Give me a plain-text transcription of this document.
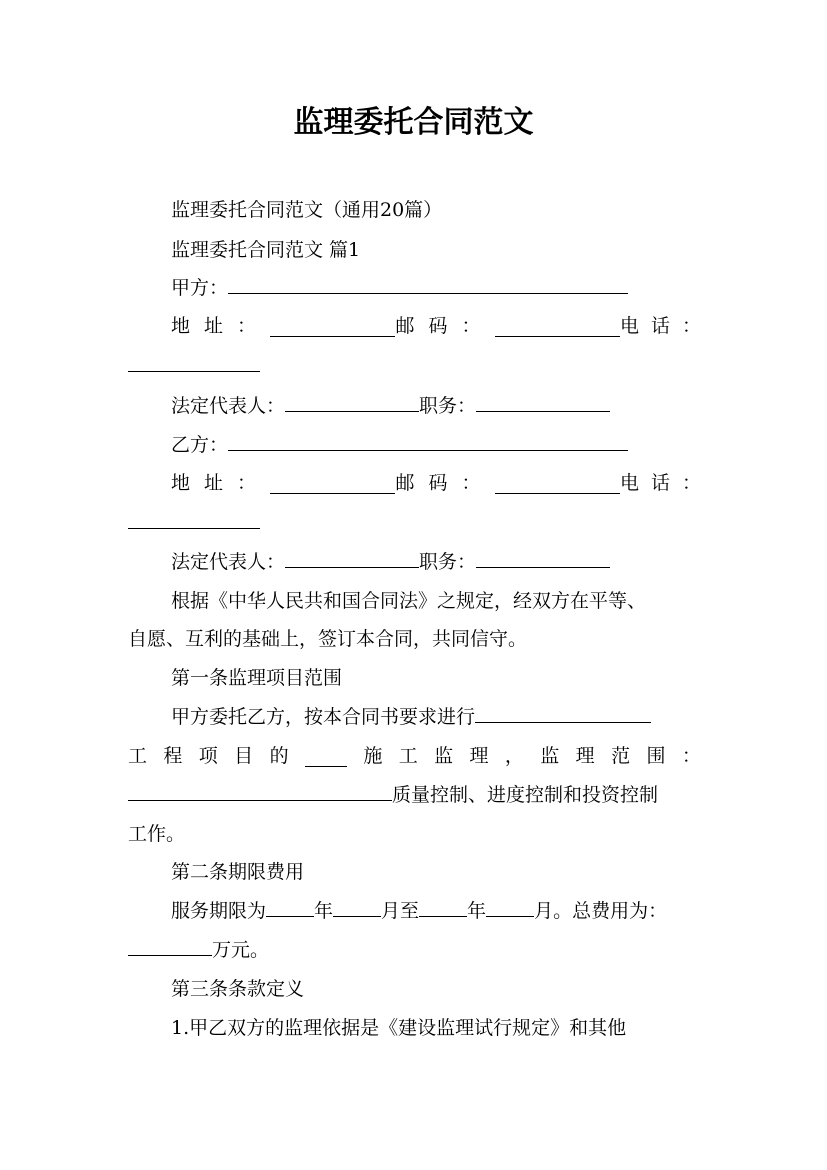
监理委托合同范文
监理委托合同范文（通用20篇）
监理委托合同范文 篇1
甲方：
地址：	邮码：	电话：
法定代表人：	职务：
乙方：
地址：	邮码：	电话：
法定代表人：	职务：
根据《中华人民共和国合同法》之规定，经双方在平等、
自愿、互利的基础上，签订本合同，共同信守。
第一条监理项目范围
甲方委托乙方，按本合同书要求进行
工 程 项 目 的	施 工 监 理 ， 监 理 范 围 ：
质量控制、进度控制和投资控制
工作。
第二条期限费用
服务期限为	年	月至	年	月。总费用为：
万元。
第三条条款定义
1.甲乙双方的监理依据是《建设监理试行规定》和其他
